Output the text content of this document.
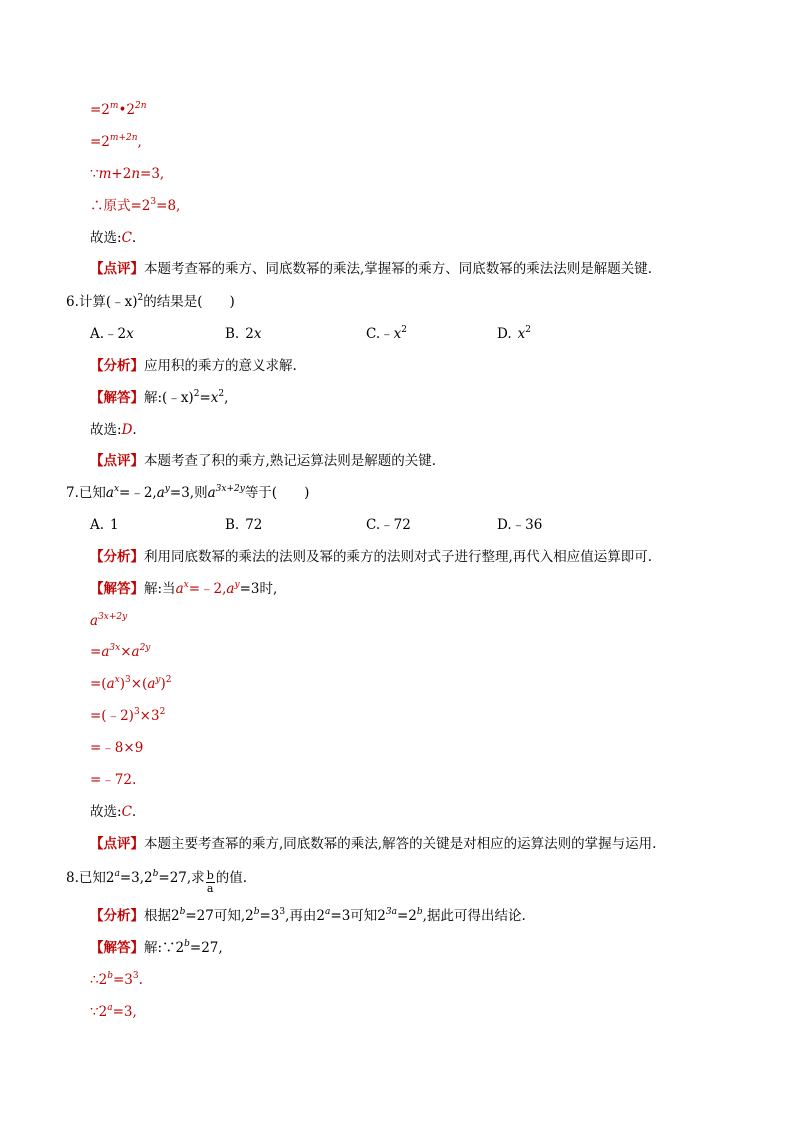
$=2^m•2^{2n}$
$=2^{m+2n}$,
∵m+2n=3,
∴原式$=2^3=8$,
故选:C.
【点评】本题考查幂的乘方、同底数幂的乘法,掌握幂的乘方、同底数幂的乘法法则是解题关键.
6.计算(﹣x)$^2$的结果是(　　)
A.﹣2x	B. 2x	$C.﹣x^2$	D. $x^2$
【分析】应用积的乘方的意义求解.
【解答】解$:(﹣x)^2=x^2$,
故选:D.
【点评】本题考查了积的乘方,熟记运算法则是解题的关键.
7.已知$a^x=﹣2,a^y=3$,则$a^{3x+2y}$等于(　　)
A. 1	B. 72	C.﹣72	D.﹣36
【分析】利用同底数幂的乘法的法则及幂的乘方的法则对式子进行整理,再代入相应值运算即可.
【解答】解:当$a^x=﹣2,a^y=3$时,
$a^{3x+2y}$
$=a^{3x}\times a^{2y}$
$=(a^x)^3\times(a^y)^2$
$=(﹣2)^3\times 3^2$
=﹣8×9
=﹣72.
故选:C.
【点评】本题主要考查幂的乘方,同底数幂的乘法,解答的关键是对相应的运算法则的掌握与运用.
8.已知$2^a=3,2^b=27$,求 $\frac{b}{a}$ 的值.
【分析】根据$2^b=27$可知$,2^b=3^3$,再由$2^a=3$可知$2^{3a}=2^b$,据此可得出结论.
【解答】解$:\because 2^b=27$,
$\therefore 2^b=3^3$.
$\because 2^a=3$,
